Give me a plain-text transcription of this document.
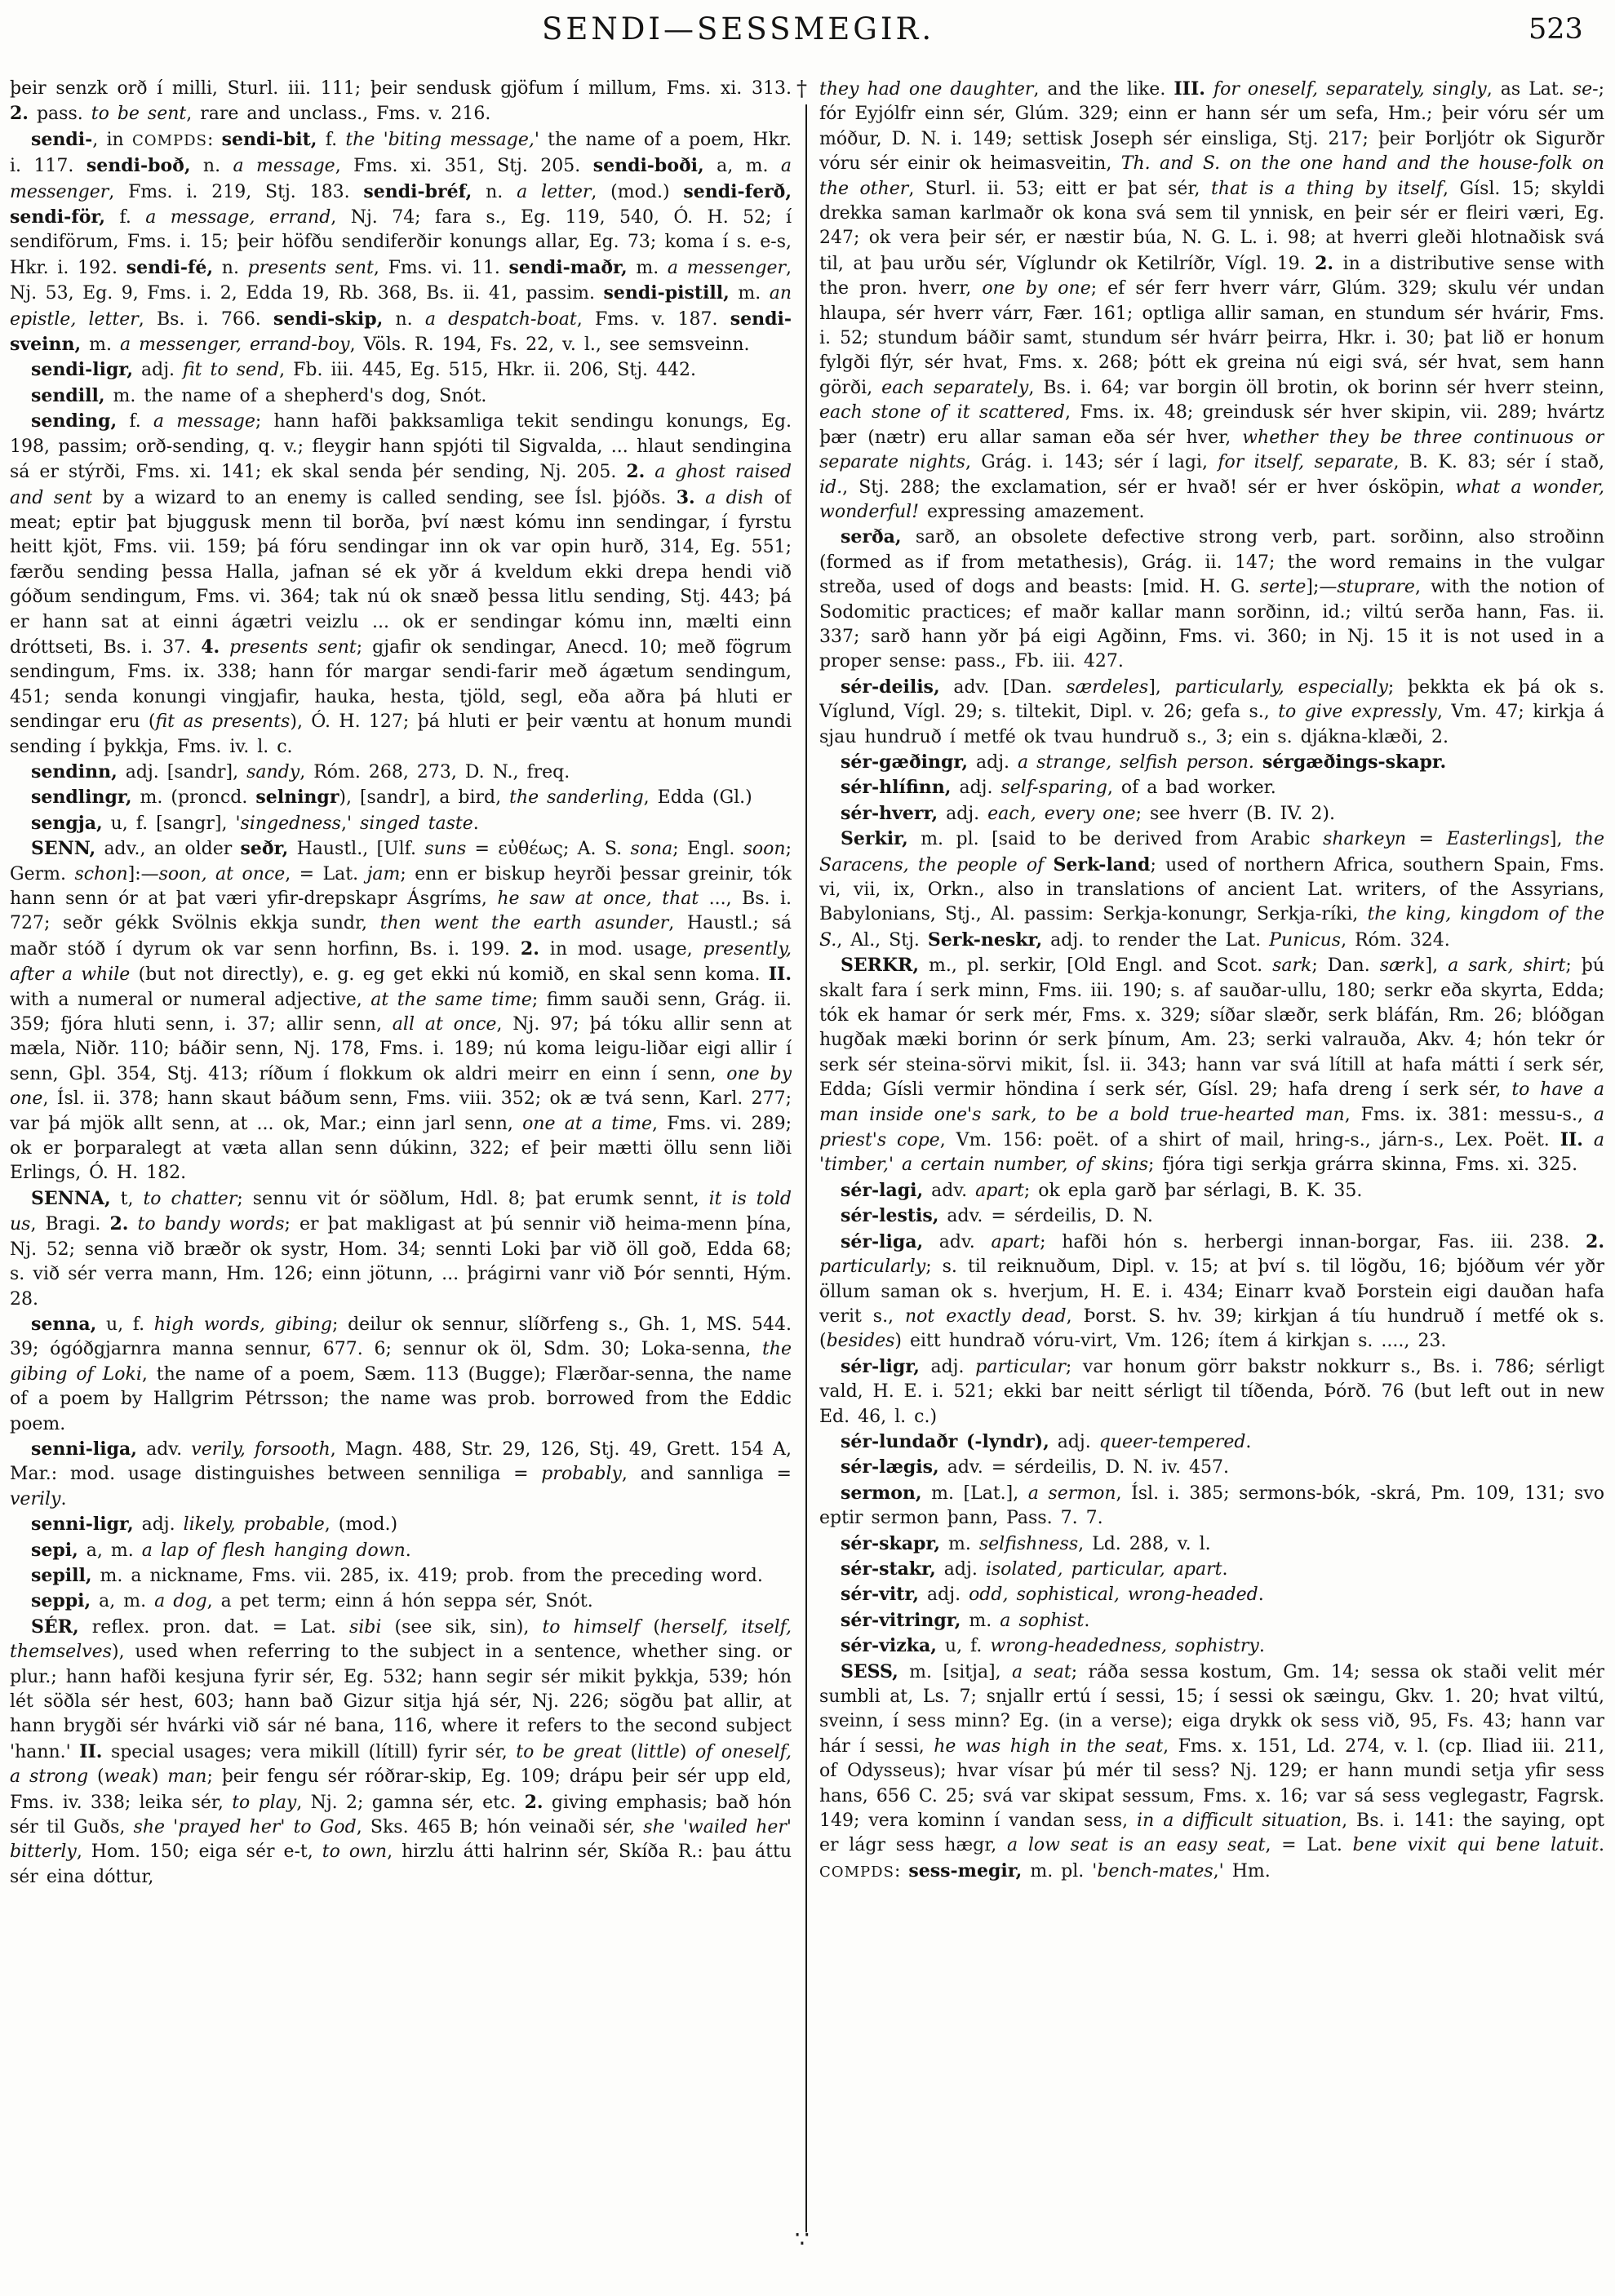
SENDI—SESSMEGIR.	523
†
∵

þeir senzk orð í milli, Sturl. iii. 111; þeir sendusk gjöfum í millum, Fms. xi. 313. 2. pass. to be sent, rare and unclass., Fms. v. 216.

sendi-, in COMPDS: sendi-bit, f. the 'biting message,' the name of a poem, Hkr. i. 117. sendi-boð, n. a message, Fms. xi. 351, Stj. 205. sendi-boði, a, m. a messenger, Fms. i. 219, Stj. 183. sendi-bréf, n. a letter, (mod.) sendi-ferð, sendi-för, f. a message, errand, Nj. 74; fara s., Eg. 119, 540, Ó. H. 52; í sendiförum, Fms. i. 15; þeir höfðu sendiferðir konungs allar, Eg. 73; koma í s. e-s, Hkr. i. 192. sendi-fé, n. presents sent, Fms. vi. 11. sendi-maðr, m. a messenger, Nj. 53, Eg. 9, Fms. i. 2, Edda 19, Rb. 368, Bs. ii. 41, passim. sendi-pistill, m. an epistle, letter, Bs. i. 766. sendi-skip, n. a despatch-boat, Fms. v. 187. sendi-sveinn, m. a messenger, errand-boy, Völs. R. 194, Fs. 22, v. l., see semsveinn.

sendi-ligr, adj. fit to send, Fb. iii. 445, Eg. 515, Hkr. ii. 206, Stj. 442.

sendill, m. the name of a shepherd's dog, Snót.

sending, f. a message; hann hafði þakksamliga tekit sendingu konungs, Eg. 198, passim; orð-sending, q. v.; fleygir hann spjóti til Sigvalda, ... hlaut sendingina sá er stýrði, Fms. xi. 141; ek skal senda þér sending, Nj. 205. 2. a ghost raised and sent by a wizard to an enemy is called sending, see Ísl. þjóðs. 3. a dish of meat; eptir þat bjuggusk menn til borða, því næst kómu inn sendingar, í fyrstu heitt kjöt, Fms. vii. 159; þá fóru sendingar inn ok var opin hurð, 314, Eg. 551; færðu sending þessa Halla, jafnan sé ek yðr á kveldum ekki drepa hendi við góðum sendingum, Fms. vi. 364; tak nú ok snæð þessa litlu sending, Stj. 443; þá er hann sat at einni ágætri veizlu ... ok er sendingar kómu inn, mælti einn dróttseti, Bs. i. 37. 4. presents sent; gjafir ok sendingar, Anecd. 10; með fögrum sendingum, Fms. ix. 338; hann fór margar sendi-farir með ágætum sendingum, 451; senda konungi vingjafir, hauka, hesta, tjöld, segl, eða aðra þá hluti er sendingar eru (fit as presents), Ó. H. 127; þá hluti er þeir væntu at honum mundi sending í þykkja, Fms. iv. l. c.

sendinn, adj. [sandr], sandy, Róm. 268, 273, D. N., freq.

sendlingr, m. (proncd. selningr), [sandr], a bird, the sanderling, Edda (Gl.)

sengja, u, f. [sangr], 'singedness,' singed taste.

SENN, adv., an older seðr, Haustl., [Ulf. suns = εὐθέως; A. S. sona; Engl. soon; Germ. schon]:—soon, at once, = Lat. jam; enn er biskup heyrði þessar greinir, tók hann senn ór at þat væri yfir-drepskapr Ásgríms, he saw at once, that ..., Bs. i. 727; seðr gékk Svölnis ekkja sundr, then went the earth asunder, Haustl.; sá maðr stóð í dyrum ok var senn horfinn, Bs. i. 199. 2. in mod. usage, presently, after a while (but not directly), e. g. eg get ekki nú komið, en skal senn koma. II. with a numeral or numeral adjective, at the same time; fimm sauði senn, Grág. ii. 359; fjóra hluti senn, i. 37; allir senn, all at once, Nj. 97; þá tóku allir senn at mæla, Niðr. 110; báðir senn, Nj. 178, Fms. i. 189; nú koma leigu-liðar eigi allir í senn, Gþl. 354, Stj. 413; ríðum í flokkum ok aldri meirr en einn í senn, one by one, Ísl. ii. 378; hann skaut báðum senn, Fms. viii. 352; ok æ tvá senn, Karl. 277; var þá mjök allt senn, at ... ok, Mar.; einn jarl senn, one at a time, Fms. vi. 289; ok er þorparalegt at væta allan senn dúkinn, 322; ef þeir mætti öllu senn liði Erlings, Ó. H. 182.

SENNA, t, to chatter; sennu vit ór söðlum, Hdl. 8; þat erumk sennt, it is told us, Bragi. 2. to bandy words; er þat makligast at þú sennir við heima-menn þína, Nj. 52; senna við bræðr ok systr, Hom. 34; sennti Loki þar við öll goð, Edda 68; s. við sér verra mann, Hm. 126; einn jötunn, ... þrágirni vanr við Þór sennti, Hým. 28.

senna, u, f. high words, gibing; deilur ok sennur, slíðrfeng s., Gh. 1, MS. 544. 39; ógóðgjarnra manna sennur, 677. 6; sennur ok öl, Sdm. 30; Loka-senna, the gibing of Loki, the name of a poem, Sæm. 113 (Bugge); Flærðar-senna, the name of a poem by Hallgrim Pétrsson; the name was prob. borrowed from the Eddic poem.

senni-liga, adv. verily, forsooth, Magn. 488, Str. 29, 126, Stj. 49, Grett. 154 A, Mar.: mod. usage distinguishes between senniliga = probably, and sannliga = verily.

senni-ligr, adj. likely, probable, (mod.)

sepi, a, m. a lap of flesh hanging down.

sepill, m. a nickname, Fms. vii. 285, ix. 419; prob. from the preceding word.

seppi, a, m. a dog, a pet term; einn á hón seppa sér, Snót.

SÉR, reflex. pron. dat. = Lat. sibi (see sik, sin), to himself (herself, itself, themselves), used when referring to the subject in a sentence, whether sing. or plur.; hann hafði kesjuna fyrir sér, Eg. 532; hann segir sér mikit þykkja, 539; hón lét söðla sér hest, 603; hann bað Gizur sitja hjá sér, Nj. 226; sögðu þat allir, at hann brygði sér hvárki við sár né bana, 116, where it refers to the second subject 'hann.' II. special usages; vera mikill (lítill) fyrir sér, to be great (little) of oneself, a strong (weak) man; þeir fengu sér róðrar-skip, Eg. 109; drápu þeir sér upp eld, Fms. iv. 338; leika sér, to play, Nj. 2; gamna sér, etc. 2. giving emphasis; bað hón sér til Guðs, she 'prayed her' to God, Sks. 465 B; hón veinaði sér, she 'wailed her' bitterly, Hom. 150; eiga sér e-t, to own, hirzlu átti halrinn sér, Skíða R.: þau áttu sér eina dóttur,

they had one daughter, and the like. III. for oneself, separately, singly, as Lat. se-; fór Eyjólfr einn sér, Glúm. 329; einn er hann sér um sefa, Hm.; þeir vóru sér um móður, D. N. i. 149; settisk Joseph sér einsliga, Stj. 217; þeir Þorljótr ok Sigurðr vóru sér einir ok heimasveitin, Th. and S. on the one hand and the house-folk on the other, Sturl. ii. 53; eitt er þat sér, that is a thing by itself, Gísl. 15; skyldi drekka saman karlmaðr ok kona svá sem til ynnisk, en þeir sér er fleiri væri, Eg. 247; ok vera þeir sér, er næstir búa, N. G. L. i. 98; at hverri gleði hlotnaðisk svá til, at þau urðu sér, Víglundr ok Ketilríðr, Vígl. 19. 2. in a distributive sense with the pron. hverr, one by one; ef sér ferr hverr várr, Glúm. 329; skulu vér undan hlaupa, sér hverr várr, Fær. 161; optliga allir saman, en stundum sér hvárir, Fms. i. 52; stundum báðir samt, stundum sér hvárr þeirra, Hkr. i. 30; þat lið er honum fylgði flýr, sér hvat, Fms. x. 268; þótt ek greina nú eigi svá, sér hvat, sem hann görði, each separately, Bs. i. 64; var borgin öll brotin, ok borinn sér hverr steinn, each stone of it scattered, Fms. ix. 48; greindusk sér hver skipin, vii. 289; hvártz þær (nætr) eru allar saman eða sér hver, whether they be three continuous or separate nights, Grág. i. 143; sér í lagi, for itself, separate, B. K. 83; sér í stað, id., Stj. 288; the exclamation, sér er hvað! sér er hver ósköpin, what a wonder, wonderful! expressing amazement.

serða, sarð, an obsolete defective strong verb, part. sorðinn, also stroðinn (formed as if from metathesis), Grág. ii. 147; the word remains in the vulgar streða, used of dogs and beasts: [mid. H. G. serte];—stuprare, with the notion of Sodomitic practices; ef maðr kallar mann sorðinn, id.; viltú serða hann, Fas. ii. 337; sarð hann yðr þá eigi Agðinn, Fms. vi. 360; in Nj. 15 it is not used in a proper sense: pass., Fb. iii. 427.

sér-deilis, adv. [Dan. særdeles], particularly, especially; þekkta ek þá ok s. Víglund, Vígl. 29; s. tiltekit, Dipl. v. 26; gefa s., to give expressly, Vm. 47; kirkja á sjau hundruð í metfé ok tvau hundruð s., 3; ein s. djákna-klæði, 2.

sér-gæðingr, adj. a strange, selfish person. sérgæðings-skapr.

sér-hlífinn, adj. self-sparing, of a bad worker.

sér-hverr, adj. each, every one; see hverr (B. IV. 2).

Serkir, m. pl. [said to be derived from Arabic sharkeyn = Easterlings], the Saracens, the people of Serk-land; used of northern Africa, southern Spain, Fms. vi, vii, ix, Orkn., also in translations of ancient Lat. writers, of the Assyrians, Babylonians, Stj., Al. passim: Serkja-konungr, Serkja-ríki, the king, kingdom of the S., Al., Stj. Serk-neskr, adj. to render the Lat. Punicus, Róm. 324.

SERKR, m., pl. serkir, [Old Engl. and Scot. sark; Dan. særk], a sark, shirt; þú skalt fara í serk minn, Fms. iii. 190; s. af sauðar-ullu, 180; serkr eða skyrta, Edda; tók ek hamar ór serk mér, Fms. x. 329; síðar slæðr, serk bláfán, Rm. 26; blóðgan hugðak mæki borinn ór serk þínum, Am. 23; serki valrauða, Akv. 4; hón tekr ór serk sér steina-sörvi mikit, Ísl. ii. 343; hann var svá lítill at hafa mátti í serk sér, Edda; Gísli vermir höndina í serk sér, Gísl. 29; hafa dreng í serk sér, to have a man inside one's sark, to be a bold true-hearted man, Fms. ix. 381: messu-s., a priest's cope, Vm. 156: poët. of a shirt of mail, hring-s., járn-s., Lex. Poët. II. a 'timber,' a certain number, of skins; fjóra tigi serkja grárra skinna, Fms. xi. 325.

sér-lagi, adv. apart; ok epla garð þar sérlagi, B. K. 35.

sér-lestis, adv. = sérdeilis, D. N.

sér-liga, adv. apart; hafði hón s. herbergi innan-borgar, Fas. iii. 238. 2. particularly; s. til reiknuðum, Dipl. v. 15; at því s. til lögðu, 16; bjóðum vér yðr öllum saman ok s. hverjum, H. E. i. 434; Einarr kvað Þorstein eigi dauðan hafa verit s., not exactly dead, Þorst. S. hv. 39; kirkjan á tíu hundruð í metfé ok s. (besides) eitt hundrað vóru-virt, Vm. 126; ítem á kirkjan s. ...., 23.

sér-ligr, adj. particular; var honum görr bakstr nokkurr s., Bs. i. 786; sérligt vald, H. E. i. 521; ekki bar neitt sérligt til tíðenda, Þórð. 76 (but left out in new Ed. 46, l. c.)

sér-lundaðr (-lyndr), adj. queer-tempered.

sér-lægis, adv. = sérdeilis, D. N. iv. 457.

sermon, m. [Lat.], a sermon, Ísl. i. 385; sermons-bók, -skrá, Pm. 109, 131; svo eptir sermon þann, Pass. 7. 7.

sér-skapr, m. selfishness, Ld. 288, v. l.

sér-stakr, adj. isolated, particular, apart.

sér-vitr, adj. odd, sophistical, wrong-headed.

sér-vitringr, m. a sophist.

sér-vizka, u, f. wrong-headedness, sophistry.

SESS, m. [sitja], a seat; ráða sessa kostum, Gm. 14; sessa ok staði velit mér sumbli at, Ls. 7; snjallr ertú í sessi, 15; í sessi ok sæingu, Gkv. 1. 20; hvat viltú, sveinn, í sess minn? Eg. (in a verse); eiga drykk ok sess við, 95, Fs. 43; hann var hár í sessi, he was high in the seat, Fms. x. 151, Ld. 274, v. l. (cp. Iliad iii. 211, of Odysseus); hvar vísar þú mér til sess? Nj. 129; er hann mundi setja yfir sess hans, 656 C. 25; svá var skipat sessum, Fms. x. 16; var sá sess veglegastr, Fagrsk. 149; vera kominn í vandan sess, in a difficult situation, Bs. i. 141: the saying, opt er lágr sess hægr, a low seat is an easy seat, = Lat. bene vixit qui bene latuit. COMPDS: sess-megir, m. pl. 'bench-mates,' Hm.
